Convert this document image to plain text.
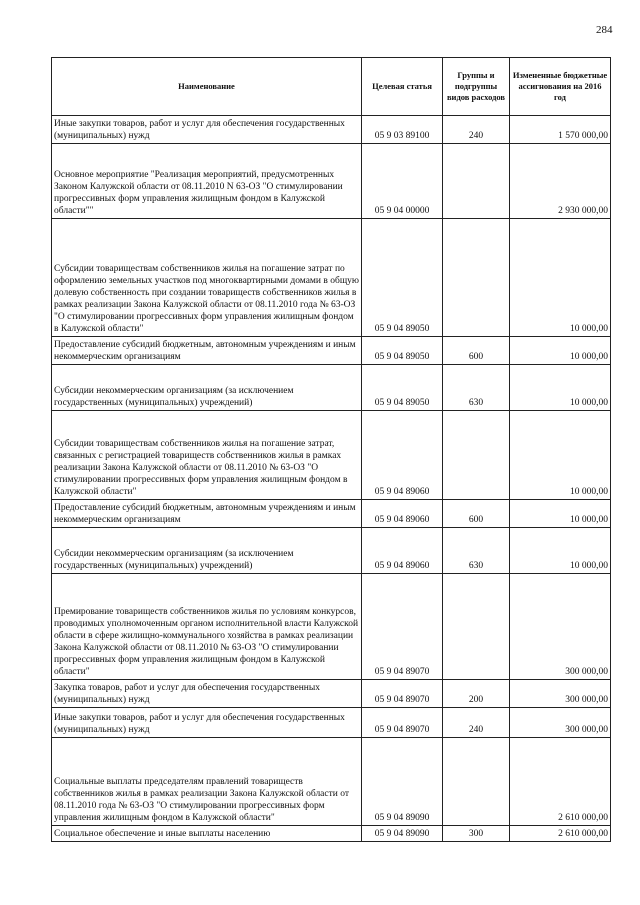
284
Наименование	Целевая статья	Группы и подгруппы видов расходов	Измененные бюджетные ассигнования на 2016 год
Иные закупки товаров, работ и услуг для обеспечения государственных (муниципальных) нужд	05 9 03 89100	240	1 570 000,00
Основное мероприятие "Реализация мероприятий, предусмотренных Законом Калужской области от 08.11.2010 N 63-ОЗ "О стимулировании прогрессивных форм управления жилищным фондом в Калужской области""	05 9 04 00000		2 930 000,00
Субсидии товариществам собственников жилья на погашение затрат по оформлению земельных участков под многоквартирными домами в общую долевую собственность при создании товариществ собственников жилья в рамках реализации Закона Калужской области от 08.11.2010 года № 63-ОЗ "О стимулировании прогрессивных форм управления жилищным фондом в Калужской области"	05 9 04 89050		10 000,00
Предоставление субсидий бюджетным, автономным учреждениям и иным некоммерческим организациям	05 9 04 89050	600	10 000,00
Субсидии некоммерческим организациям (за исключением государственных (муниципальных) учреждений)	05 9 04 89050	630	10 000,00
Субсидии товариществам собственников жилья на погашение затрат, связанных с регистрацией товариществ собственников жилья в рамках реализации Закона Калужской области от 08.11.2010 № 63-ОЗ "О стимулировании прогрессивных форм управления жилищным фондом в Калужской области"	05 9 04 89060		10 000,00
Предоставление субсидий бюджетным, автономным учреждениям и иным некоммерческим организациям	05 9 04 89060	600	10 000,00
Субсидии некоммерческим организациям (за исключением государственных (муниципальных) учреждений)	05 9 04 89060	630	10 000,00
Премирование товариществ собственников жилья по условиям конкурсов, проводимых уполномоченным органом исполнительной власти Калужской области в сфере жилищно-коммунального хозяйства в рамках реализации Закона Калужской области от 08.11.2010 № 63-ОЗ "О стимулировании прогрессивных форм управления жилищным фондом в Калужской области"	05 9 04 89070		300 000,00
Закупка товаров, работ и услуг для обеспечения государственных (муниципальных) нужд	05 9 04 89070	200	300 000,00
Иные закупки товаров, работ и услуг для обеспечения государственных (муниципальных) нужд	05 9 04 89070	240	300 000,00
Социальные выплаты председателям правлений товариществ собственников жилья в рамках реализации Закона Калужской области от 08.11.2010 года № 63-ОЗ "О стимулировании прогрессивных форм управления жилищным фондом в Калужской области"	05 9 04 89090		2 610 000,00
Социальное обеспечение и иные выплаты населению	05 9 04 89090	300	2 610 000,00
